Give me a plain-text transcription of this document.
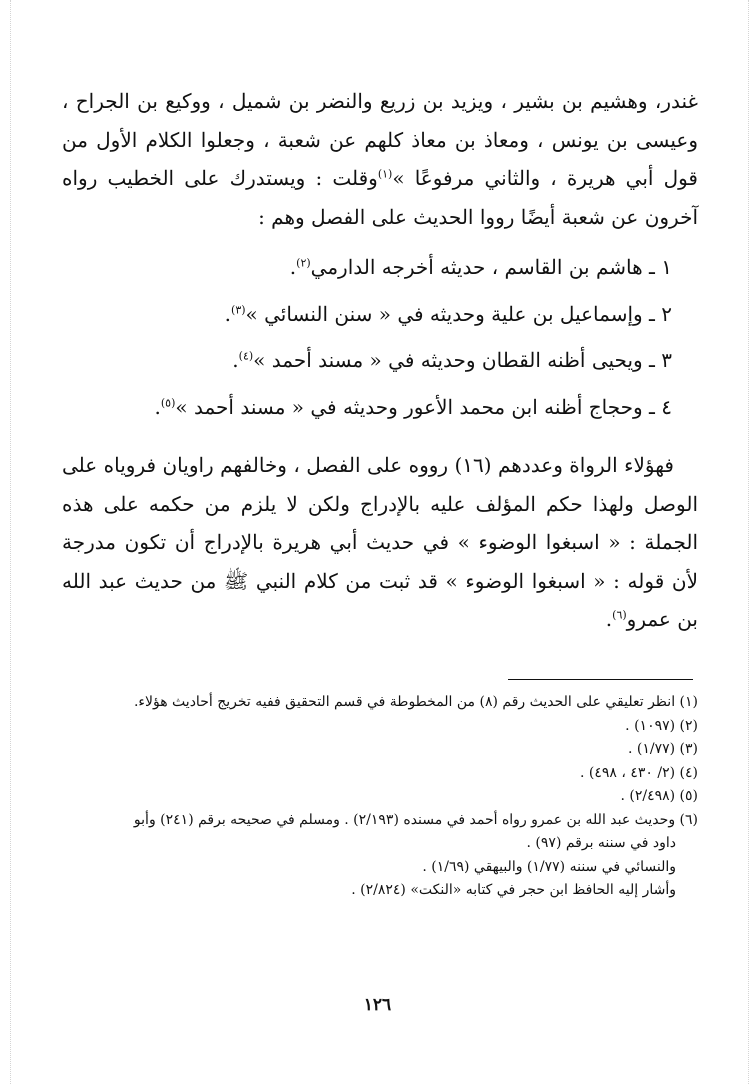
غندر، وهشيم بن بشير ، ويزيد بن زريع والنضر بن شميل ، ووكيع بن الجراح ، وعيسى بن يونس ، ومعاذ بن معاذ كلهم عن شعبة ، وجعلوا الكلام الأول من قول أبي هريرة ، والثاني مرفوعًا »$^{(١)}$وقلت : ويستدرك على الخطيب رواه آخرون عن شعبة أيضًا رووا الحديث على الفصل وهم :

١ ـ هاشم بن القاسم ، حديثه أخرجه الدارمي$^{(٢)}$.
٢ ـ وإسماعيل بن علية وحديثه في « سنن النسائي »$^{(٣)}$.
٣ ـ ويحيى أظنه القطان وحديثه في « مسند أحمد »$^{(٤)}$.
٤ ـ وحجاج أظنه ابن محمد الأعور وحديثه في « مسند أحمد »$^{(٥)}$.

فهؤلاء الرواة وعددهم (١٦) رووه على الفصل ، وخالفهم راويان فروياه على الوصل ولهذا حكم المؤلف عليه بالإدراج ولكن لا يلزم من حكمه على هذه الجملة : « اسبغوا الوضوء » في حديث أبي هريرة بالإدراج أن تكون مدرجة لأن قوله : « اسبغوا الوضوء » قد ثبت من كلام النبي ﷺ من حديث عبد الله بن عمرو$^{(٦)}$.

(١) انظر تعليقي على الحديث رقم (٨) من المخطوطة في قسم التحقيق ففيه تخريج أحاديث هؤلاء.

(٢) (١٠٩٧) .

(٣) (١/٧٧) .

(٤) (٢/ ٤٣٠ ، ٤٩٨) .

(٥) (٢/٤٩٨) .

(٦) وحديث عبد الله بن عمرو رواه أحمد في مسنده (٢/١٩٣) . ومسلم في صحيحه برقم (٢٤١) وأبو

داود في سننه برقم (٩٧) .

والنسائي في سننه (١/٧٧) والبيهقي (١/٦٩) .

وأشار إليه الحافظ ابن حجر في كتابه «النكت» (٢/٨٢٤) .

١٢٦
